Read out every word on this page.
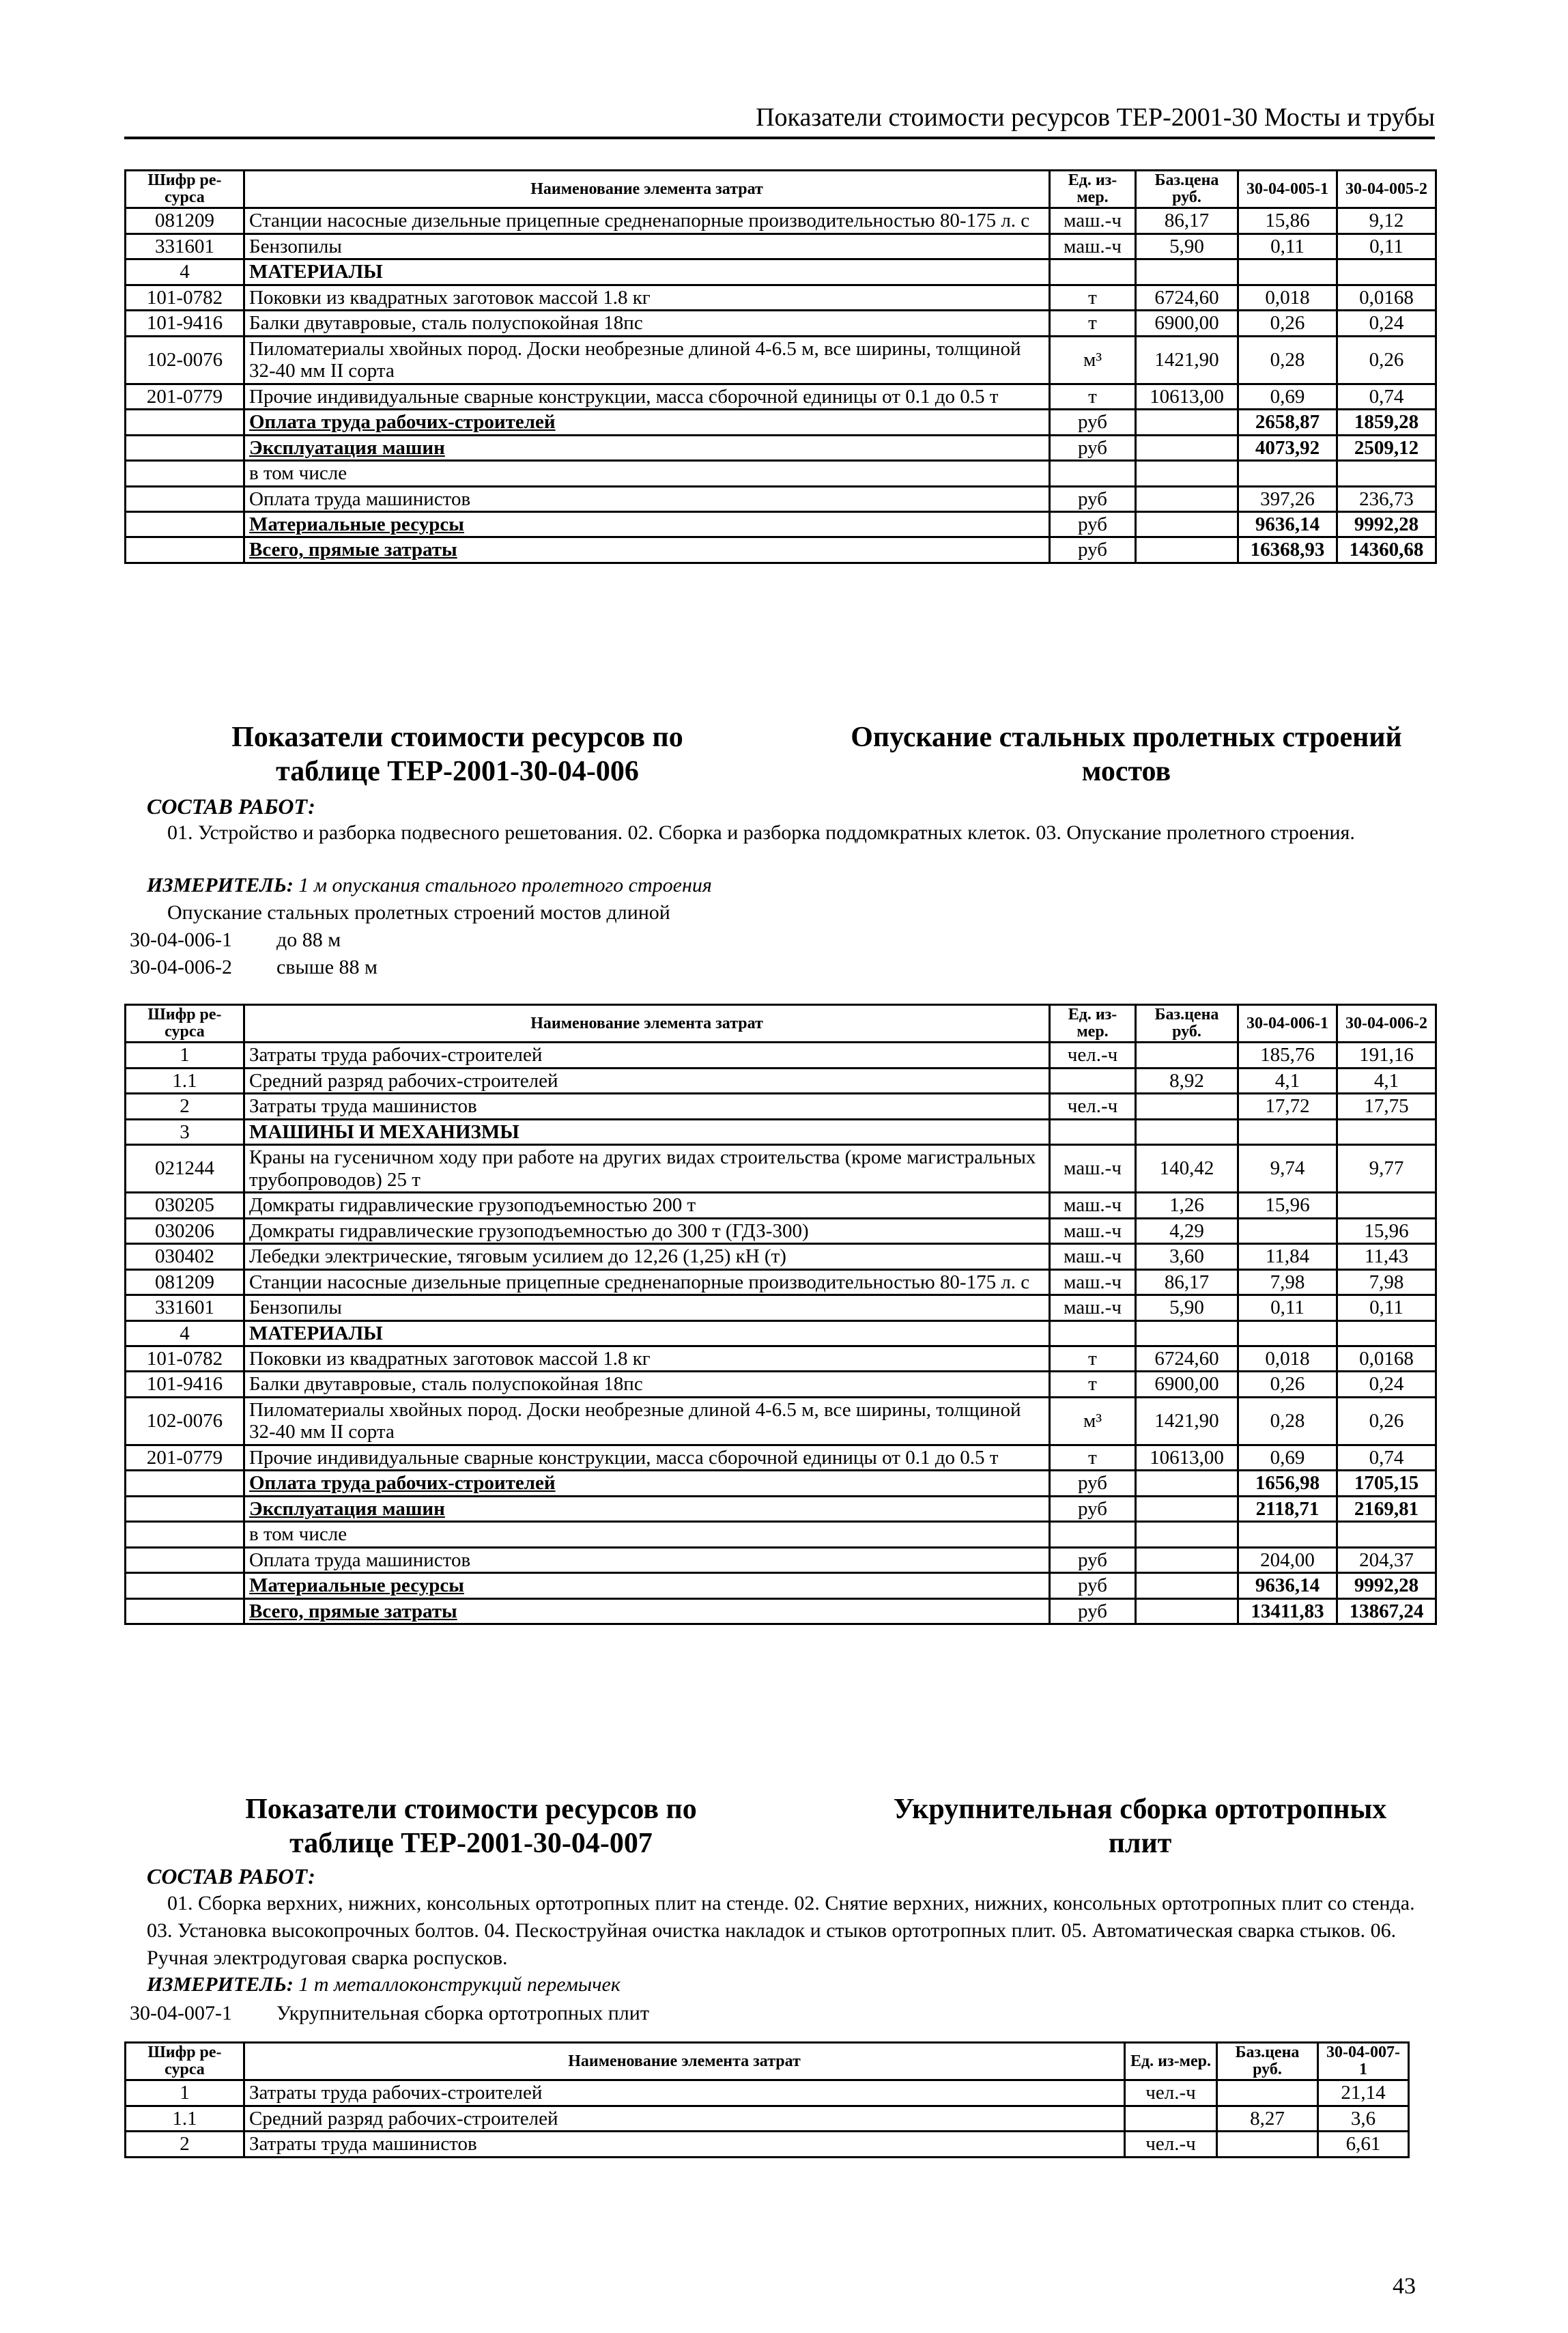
Показатели стоимости ресурсов ТЕР-2001-30 Мосты и трубы
Шифр ре-сурса	Наименование элемента затрат	Ед. из-мер.	Баз.цена руб.	30-04-005-1	30-04-005-2
081209	Станции насосные дизельные прицепные средненапорные производительностью 80-175 л. с	маш.-ч	86,17	15,86	9,12
331601	Бензопилы	маш.-ч	5,90	0,11	0,11
4	МАТЕРИАЛЫ				
101-0782	Поковки из квадратных заготовок массой 1.8 кг	т	6724,60	0,018	0,0168
101-9416	Балки двутавровые, сталь полуспокойная 18пс	т	6900,00	0,26	0,24
102-0076	Пиломатериалы хвойных пород. Доски необрезные длиной 4-6.5 м, все ширины, толщиной 32-40 мм II сорта	м³	1421,90	0,28	0,26
201-0779	Прочие индивидуальные сварные конструкции, масса сборочной единицы от 0.1 до 0.5 т	т	10613,00	0,69	0,74
	Оплата труда рабочих-строителей	руб		2658,87	1859,28
	Эксплуатация машин	руб		4073,92	2509,12
	в том числе				
	Оплата труда машинистов	руб		397,26	236,73
	Материальные ресурсы	руб		9636,14	9992,28
	Всего, прямые затраты	руб		16368,93	14360,68
Показатели стоимости ресурсов по таблице ТЕР-2001-30-04-006
Опускание стальных пролетных строений мостов
СОСТАВ РАБОТ:
01. Устройство и разборка подвесного решетования. 02. Сборка и разборка поддомкратных клеток. 03. Опускание пролетного строения.
ИЗМЕРИТЕЛЬ: 1 м опускания стального пролетного строения
Опускание стальных пролетных строений мостов длиной
30-04-006-1 до 88 м
30-04-006-2 свыше 88 м
Шифр ре-сурса	Наименование элемента затрат	Ед. из-мер.	Баз.цена руб.	30-04-006-1	30-04-006-2
1	Затраты труда рабочих-строителей	чел.-ч		185,76	191,16
1.1	Средний разряд рабочих-строителей		8,92	4,1	4,1
2	Затраты труда машинистов	чел.-ч		17,72	17,75
3	МАШИНЫ И МЕХАНИЗМЫ				
021244	Краны на гусеничном ходу при работе на других видах строительства (кроме магистральных трубопроводов) 25 т	маш.-ч	140,42	9,74	9,77
030205	Домкраты гидравлические грузоподъемностью 200 т	маш.-ч	1,26	15,96	
030206	Домкраты гидравлические грузоподъемностью до 300 т (ГДЗ-300)	маш.-ч	4,29		15,96
030402	Лебедки электрические, тяговым усилием до 12,26 (1,25) кН (т)	маш.-ч	3,60	11,84	11,43
081209	Станции насосные дизельные прицепные средненапорные производительностью 80-175 л. с	маш.-ч	86,17	7,98	7,98
331601	Бензопилы	маш.-ч	5,90	0,11	0,11
4	МАТЕРИАЛЫ				
101-0782	Поковки из квадратных заготовок массой 1.8 кг	т	6724,60	0,018	0,0168
101-9416	Балки двутавровые, сталь полуспокойная 18пс	т	6900,00	0,26	0,24
102-0076	Пиломатериалы хвойных пород. Доски необрезные длиной 4-6.5 м, все ширины, толщиной 32-40 мм II сорта	м³	1421,90	0,28	0,26
201-0779	Прочие индивидуальные сварные конструкции, масса сборочной единицы от 0.1 до 0.5 т	т	10613,00	0,69	0,74
	Оплата труда рабочих-строителей	руб		1656,98	1705,15
	Эксплуатация машин	руб		2118,71	2169,81
	в том числе				
	Оплата труда машинистов	руб		204,00	204,37
	Материальные ресурсы	руб		9636,14	9992,28
	Всего, прямые затраты	руб		13411,83	13867,24
Показатели стоимости ресурсов по таблице ТЕР-2001-30-04-007
Укрупнительная сборка ортотропных плит
СОСТАВ РАБОТ:
01. Сборка верхних, нижних, консольных ортотропных плит на стенде. 02. Снятие верхних, нижних, консольных ортотропных плит со стенда. 03. Установка высокопрочных болтов. 04. Пескоструйная очистка накладок и стыков ортотропных плит. 05. Автоматическая сварка стыков. 06. Ручная электродуговая сварка роспусков.
ИЗМЕРИТЕЛЬ: 1 т металлоконструкций перемычек
30-04-007-1 Укрупнительная сборка ортотропных плит
Шифр ре-сурса	Наименование элемента затрат	Ед. из-мер.	Баз.цена руб.	30-04-007-1
1	Затраты труда рабочих-строителей	чел.-ч		21,14
1.1	Средний разряд рабочих-строителей		8,27	3,6
2	Затраты труда машинистов	чел.-ч		6,61
43
